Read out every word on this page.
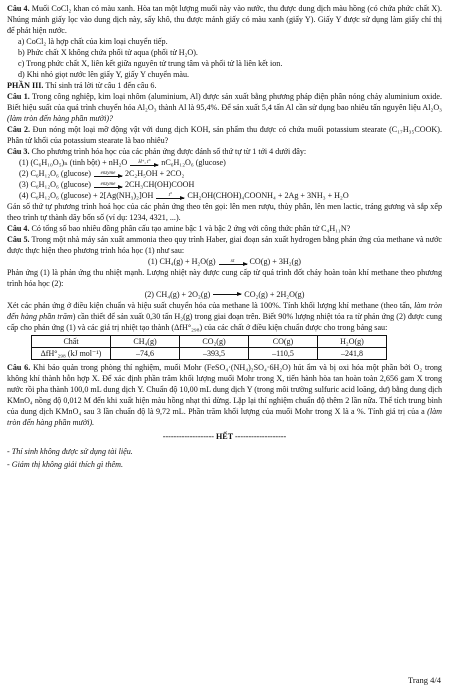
Câu 4. Muối CoCl₂ khan có màu xanh. Hòa tan một lượng muối này vào nước, thu được dung dịch màu hồng (có chứa phức chất X). Nhúng mảnh giấy lọc vào dung dịch này, sấy khô, thu được mảnh giấy có màu xanh (giấy Y). Giấy Y được sử dụng làm giấy chỉ thị để phát hiện nước.

a) CoCl₂ là hợp chất của kim loại chuyển tiếp.

b) Phức chất X không chứa phối tử aqua (phối tử H₂O).

c) Trong phức chất X, liên kết giữa nguyên tử trung tâm và phối tử là liên kết ion.

d) Khi nhỏ giọt nước lên giấy Y, giấy Y chuyển màu.

PHẦN III. Thí sinh trả lời từ câu 1 đến câu 6.

Câu 1. Trong công nghiệp, kim loại nhôm (aluminium, Al) được sản xuất bằng phương pháp điện phân nóng chảy aluminium oxide. Biết hiệu suất của quá trình chuyển hóa Al₂O₃ thành Al là 95,4%. Để sản xuất 5,4 tấn Al cần sử dụng bao nhiêu tấn nguyên liệu Al₂O₃ (làm tròn đến hàng phần mười)?

Câu 2. Đun nóng một loại mỡ động vật với dung dịch KOH, sản phẩm thu được có chứa muối potassium stearate (C₁₇H₃₅COOK). Phân tử khối của potassium stearate là bao nhiêu?

Câu 3. Cho phương trình hóa học của các phản ứng được đánh số thứ tự từ 1 tới 4 dưới đây:

(1) (C₆H₁₀O₅)ₙ (tinh bột) + nH₂O H⁺, t° nC₆H₁₂O₆ (glucose)
(2) C₆H₁₂O₆ (glucose) enzyme 2C₂H₅OH + 2CO₂
(3) C₆H₁₂O₆ (glucose) enzyme 2CH₃CH(OH)COOH
(4) C₆H₁₂O₆ (glucose) + 2[Ag(NH₃)₂]OH	t° CH₂OH(CHOH)₄COONH₄ + 2Ag + 3NH₃ + H₂O

Gán số thứ tự phương trình hoá học của các phản ứng theo tên gọi: lên men rượu, thủy phân, lên men lactic, tráng gương và sắp xếp theo trình tự thành dãy bốn số (ví dụ: 1234, 4321, ...).

Câu 4. Có tổng số bao nhiêu đồng phân cấu tạo amine bậc 1 và bậc 2 ứng với công thức phân tử C₄H₁₁N?

Câu 5. Trong một nhà máy sản xuất ammonia theo quy trình Haber, giai đoạn sản xuất hydrogen bằng phản ứng của methane và nước được thực hiện theo phương trình hóa học (1) như sau:

(1) CH₄(g) + H₂O(g)	xt CO(g) + 3H₂(g)

Phản ứng (1) là phản ứng thu nhiệt mạnh. Lượng nhiệt này được cung cấp từ quá trình đốt cháy hoàn toàn khí methane theo phương trình hóa học (2):

(2) CH₄(g) + 2O₂(g) → CO₂(g) + 2H₂O(g)

Xét các phản ứng ở điều kiện chuẩn và hiệu suất chuyển hóa của methane là 100%. Tính khối lượng khí methane (theo tấn, làm tròn đến hàng phần trăm) cần thiết để sản xuất 0,30 tấn H₂(g) trong giai đoạn trên. Biết 90% lượng nhiệt tỏa ra từ phản ứng (2) được cung cấp cho phản ứng (1) và các giá trị nhiệt tạo thành (ΔfH°₂₉₈) của các chất ở điều kiện chuẩn được cho trong bảng sau:

Chất	CH₄(g)	CO₂(g)	CO(g)	H₂O(g)
ΔfH°₂₉₈ (kJ mol⁻¹)	–74,6	–393,5	–110,5	–241,8

Câu 6. Khi bảo quản trong phòng thí nghiệm, muối Mohr (FeSO₄·(NH₄)₂SO₄·6H₂O) hút ẩm và bị oxi hóa một phần bởi O₂ trong không khí thành hỗn hợp X. Để xác định phần trăm khối lượng muối Mohr trong X, tiến hành hòa tan hoàn toàn 2,656 gam X trong nước rồi pha thành 100,0 mL dung dịch Y. Chuẩn độ 10,00 mL dung dịch Y (trong môi trường sulfuric acid loãng, dư) bằng dung dịch KMnO₄ nồng độ 0,012 M đến khi xuất hiện màu hồng nhạt thì dừng. Lặp lại thí nghiệm chuẩn độ thêm 2 lần nữa. Thể tích trung bình của dung dịch KMnO₄ sau 3 lần chuẩn độ là 9,72 mL. Phần trăm khối lượng của muối Mohr trong X là a %. Tính giá trị của a (làm tròn đến hàng phần mười).

------------------- HẾT -------------------

- Thí sinh không được sử dụng tài liệu.

- Giám thị không giải thích gì thêm.

Trang 4/4
